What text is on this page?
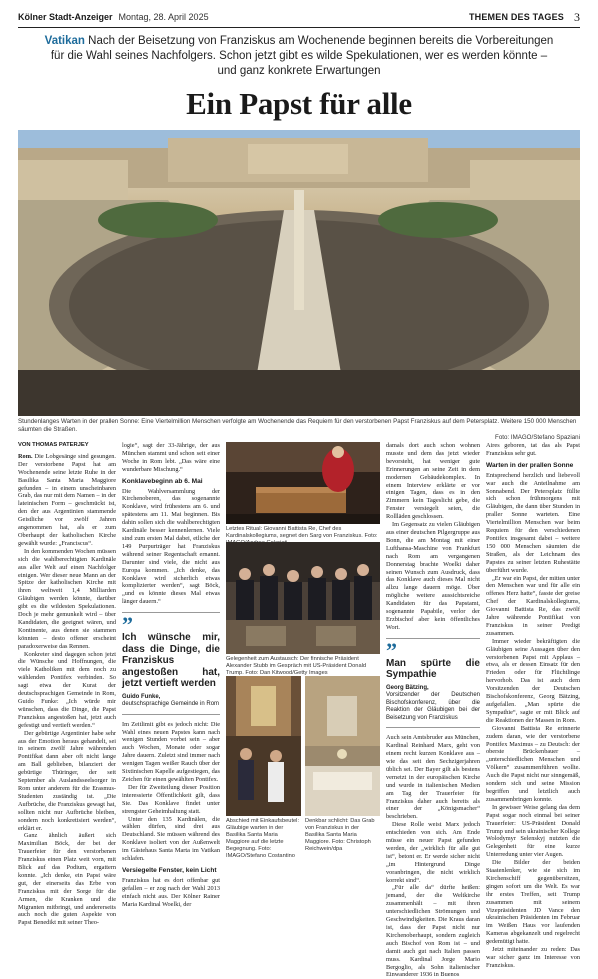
Kölner Stadt-Anzeiger Montag, 28. April 2025	THEMEN DES TAGES 3
Vatikan Nach der Beisetzung von Franziskus am Wochenende beginnen bereits die Vorbereitungen für die Wahl seines Nachfolgers. Schon jetzt gibt es wilde Spekulationen, wer es werden könnte – und ganz konkrete Erwartungen
Ein Papst für alle
Stundenlanges Warten in der prallen Sonne: Eine Viertelmillion Menschen verfolgte am Wochenende das Requiem für den verstorbenen Papst Franziskus auf dem Petersplatz. Weitere 150 000 Menschen säumten die Straßen.
Foto: IMAGO/Stefano Spaziani
VON THOMAS PATERJEY

Rom. Die Lobgesänge sind gesungen. Der verstorbene Papst hat am Wochenende seine letzte Ruhe in der Basilika Santa Maria Maggiore gefunden – in einem unscheinbaren Grab, das nur mit dem Namen – in der lateinischen Form – geschmückt ist, den der aus Argentinien stammende Geistliche vor zwölf Jahren angenommen hat, als er zum Oberhaupt der katholischen Kirche gewählt wurde: „Franciscus“.

In den kommenden Wochen müssen sich die wahlberechtigten Kardinäle aus aller Welt auf einen Nachfolger einigen. Wer dieser neue Mann an der Spitze der katholischen Kirche mit ihren weltweit 1,4 Milliarden Gläubigen werden könnte, darüber gibt es die wildesten Spekulationen. Doch je mehr gemunkelt wird – über Kandidaten, die geeignet wären, und Kontinente, aus denen sie stammen könnten – desto offener erscheint paradoxerweise das Rennen.

Konkreter sind dagegen schon jetzt die Wünsche und Hoffnungen, die viele Katholiken mit dem noch zu wählenden Pontifex verbinden. So sagt etwa der Kurat der deutschsprachigen Gemeinde in Rom, Guido Funke: „Ich würde mir wünschen, dass die Dinge, die Papst Franziskus angestoßen hat, jetzt auch gefestigt und vertieft werden.“

Der gebürtige Argentinier habe sehr aus der Emotion heraus gehandelt, sei in seinem zwölf Jahre währenden Pontifikat dann aber oft nicht lange am Ball geblieben, bilanziert der gebürtige Thüringer, der seit September als Auslandsseelsorger in Rom unter anderem für die Erasmus-Studenten zuständig ist. „Die Aufbrüche, die Franziskus gewagt hat, sollten nicht nur Aufbrüche bleiben, sondern noch konkretisiert werden“, erklärt er.

Ganz ähnlich äußert sich Maximilian Böck, der bei der Trauerfeier für den verstorbenen Franziskus einen Platz weit vorn, mit Blick auf das Podium, ergattern konnte. „Ich denke, ein Papst wäre gut, der einerseits das Erbe von Franziskus mit der Sorge für die Armen, die Kranken und die Migranten mitbringt, und andererseits auch noch die guten Aspekte von Papst Benedikt mit seiner Theo-

logie“, sagt der 33-Jährige, der aus München stammt und schon seit einer Woche in Rom lebt. „Das wäre eine wunderbare Mischung.“

Konklavebeginn ab 6. Mai

Die Wahlversammlung der Kirchenoberen, das sogenannte Konklave, wird frühestens am 6. und spätestens am 11. Mai beginnen. Bis dahin sollen sich die wahlberechtigten Kardinäle besser kennenlernen. Viele sind zum ersten Mal dabei, etliche der 149 Purpurträger hat Franziskus während seiner Regentschaft ernannt. Darunter sind viele, die nicht aus Europa kommen. „Ich denke, das Konklave wird sicherlich etwas komplizierter werden“, sagt Böck, „und es könnte dieses Mal etwas länger dauern.“

”
Ich wünsche mir, dass die Dinge, die Franziskus angestoßen hat, jetzt vertieft werden
Guido Funke,
deutschsprachige Gemeinde in Rom

Im Zeitlimit gibt es jedoch nicht: Die Wahl eines neuen Papstes kann nach wenigen Stunden vorbei sein – aber auch Wochen, Monate oder sogar Jahre dauern. Zuletzt sind immer nach wenigen Tagen weißer Rauch über der Sixtinischen Kapelle aufgestiegen, das Zeichen für einen gewählten Pontifex.

Der für Zweiteilung dieser Position interessierte Öffentlichkeit gilt, dass Sie. Das Konklave findet unter strengster Geheimhaltung statt.

Unter den 135 Kardinälen, die wählen dürfen, sind drei aus Deutschland. Sie müssen während des Konklave isoliert von der Außenwelt im Gästehaus Santa Marta im Vatikan schlafen.

Versiegelte Fenster, kein Licht

Franziskus hat es dort offenbar gut gefallen – er zog nach der Wahl 2013 einfach nicht aus. Der Kölner Rainer Maria Kardinal Woelki, der

Letztes Ritual: Giovanni Battista Re, Chef des Kardinalskollegiums, segnet den Sarg von Franziskus. Foto:
Gelegenheit zum Austausch: Der finnische Präsident Alexander Stubb im Gespräch mit US-Präsident Donald Trump. Foto: Dan Kitwood/Getty Images
Abschied mit Einkaufsbeutel: Gläubige warten in der Basilika Santa Maria Maggiore auf die letzte Begegnung. Foto: IMAGO/Stefano Costantino
Denkbar schlicht: Das Grab von Franziskus in der Basilika Santa Maria Maggiore. Foto: Christoph Reichwein/dpa

damals dort auch schon wohnen musste und dem das jetzt wieder bevorsteht, hat weniger gute Erinnerungen an seine Zeit in dem modernen Gebäudekomplex. In einem Interview erklärte er vor einigen Tagen, dass es in den Zimmern kein Tageslicht gebe, die Fenster versiegelt seien, die Rollläden geschlossen.

Im Gegensatz zu vielen Gläubigen aus einer deutschen Pilgergruppe aus Bonn, die am Montag mit einer Lufthansa-Maschine von Frankfurt nach Rom am vergangenen Donnerstag brachte Woelki daher seinen Wunsch zum Ausdruck, dass das Konklave auch dieses Mal nicht allzu lange dauern möge. Über mögliche weitere aussichtsreiche Kandidaten für das Papstamt, sogenannte Papabile, verlor der Erzbischof aber kein öffentliches Wort.

”
Man spürte die Sympathie
Georg Bätzing,
Vorsitzender der Deutschen Bischofskonferenz, über die Reaktion der Gläubigen bei der Beisetzung von Franziskus

Auch sein Amtsbruder aus München, Kardinal Reinhard Marx, geht von einem recht kurzen Konklave aus – wie das seit den Sechzigerjahren üblich sei. Der Bayer gilt als bestens vernetzt in der europäischen Kirche und wurde in italienischen Medien am Tag der Trauerfeier für Franziskus daher auch bereits als einer der „Königsmacher“ beschrieben.

Diese Rolle weist Marx jedoch entschieden von sich. Am Ende müsse ein neuer Papst gefunden werden, der „wirklich für alle gut ist“, betont er. Er werde sicher nicht „im Hintergrund Dinge voranbringen, die nicht wirklich korrekt sind“.

„Für alle da“ dürfte heißen: jemand, der die Weltkirche zusammenhält – mit ihren unterschiedlichen Strömungen und Geschwindigkeiten. Die Kraus daran ist, dass der Papst nicht nur Kirchenoberhaupt, sondern zugleich auch Bischof von Rom ist – und damit auch gut nach Italien passen muss. Kardinal Jorge Mario Bergoglio, als Sohn italienischer Einwanderer 1936 in Buenos

Aires geboren, tat das als Papst Franziskus sehr gut.

Warten in der prallen Sonne

Entsprechend herzlich und liebevoll war auch die Anteilnahme am Sonnabend. Der Petersplatz füllte sich schon frühmorgens mit Gläubigen, die dann über Stunden in praller Sonne warteten. Eine Viertelmillion Menschen war beim Requiem für den verschiedenen Pontifex insgesamt dabei – weitere 150 000 Menschen säumten die Straßen, als der Leichnam des Papstes zu seiner letzten Ruhestätte überführt wurde.

„Er war ein Papst, der mitten unter den Menschen war und für alle ein offenes Herz hatte“, fasste der greise Chef der Kardinalskollegiums, Giovanni Battista Re, das zwölf Jahre währende Pontifikat von Franziskus in seiner Predigt zusammen.

Immer wieder bekräftigten die Gläubigen seine Aussagen über den verstorbenen Papst mit Applaus – etwa, als er dessen Einsatz für den Frieden oder für Flüchtlinge hervorhob. Das ist auch dem Vorsitzenden der Deutschen Bischofskonferenz, Georg Bätzing, aufgefallen. „Man spürte die Sympathie“, sagte er mit Blick auf die Reaktionen der Massen in Rom.

Giovanni Battista Re erinnerte zudem daran, wie der verstorbene Pontifex Maximus – zu Deutsch: der oberste Brückenbauer – „unterschiedlichen Menschen und Völkern“ zusammenführen wollte. Auch die Papst nicht nur sinngemäß, sondern sich und seine Mission begriffen und letztlich auch zusammenbringen konnte.

In gewisser Weise gelang das dem Papst sogar noch einmal bei seiner Trauerfeier: US-Präsident Donald Trump und sein ukrainischer Kollege Wolodymyr Selenskyj nutzten die Gelegenheit für eine kurze Unterredung unter vier Augen.

Die Bilder der beiden Staatenlenker, wie sie sich im Kirchenschiff gegenübersitzen, gingen sofort um die Welt. Es war ihr erstes Treffen, seit Trump zusammen mit seinem Vizepräsidenten JD Vance den ukrainischen Präsidenten im Februar im Weißen Haus vor laufenden Kameras abgekanzelt und regelrecht gedemütigt hatte.

Jetzt miteinander zu reden: Das war sicher ganz im Interesse von Franziskus.
